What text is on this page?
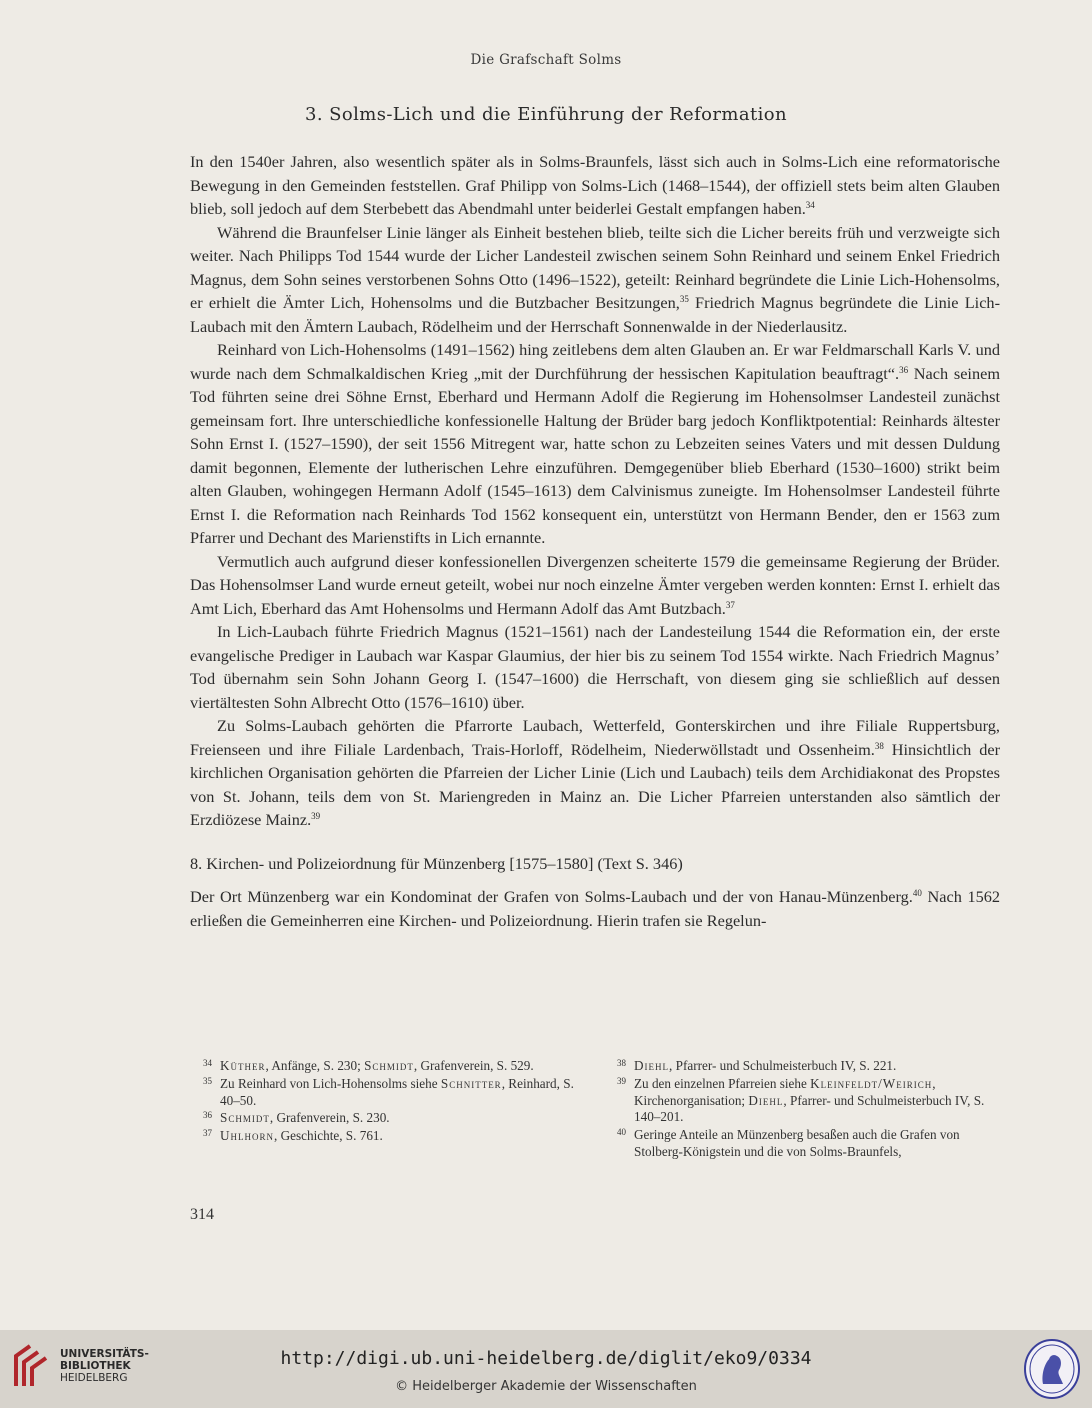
Die Grafschaft Solms
3. Solms-Lich und die Einführung der Reformation

In den 1540er Jahren, also wesentlich später als in Solms-Braunfels, lässt sich auch in Solms-Lich eine reformatorische Bewegung in den Gemeinden feststellen. Graf Philipp von Solms-Lich (1468–1544), der offiziell stets beim alten Glauben blieb, soll jedoch auf dem Sterbebett das Abendmahl unter beiderlei Gestalt empfangen haben.$^{34}$

Während die Braunfelser Linie länger als Einheit bestehen blieb, teilte sich die Licher bereits früh und verzweigte sich weiter. Nach Philipps Tod 1544 wurde der Licher Landesteil zwischen seinem Sohn Reinhard und seinem Enkel Friedrich Magnus, dem Sohn seines verstorbenen Sohns Otto (1496–1522), geteilt: Reinhard begründete die Linie Lich-Hohensolms, er erhielt die Ämter Lich, Hohensolms und die Butzbacher Besitzungen,$^{35}$ Friedrich Magnus begründete die Linie Lich-Laubach mit den Ämtern Laubach, Rödelheim und der Herrschaft Sonnenwalde in der Niederlausitz.

Reinhard von Lich-Hohensolms (1491–1562) hing zeitlebens dem alten Glauben an. Er war Feldmarschall Karls V. und wurde nach dem Schmalkaldischen Krieg „mit der Durchführung der hessischen Kapitulation beauftragt“.$^{36}$ Nach seinem Tod führten seine drei Söhne Ernst, Eberhard und Hermann Adolf die Regierung im Hohensolmser Landesteil zunächst gemeinsam fort. Ihre unterschiedliche konfessionelle Haltung der Brüder barg jedoch Konfliktpotential: Reinhards ältester Sohn Ernst I. (1527–1590), der seit 1556 Mitregent war, hatte schon zu Lebzeiten seines Vaters und mit dessen Duldung damit begonnen, Elemente der lutherischen Lehre einzuführen. Demgegenüber blieb Eberhard (1530–1600) strikt beim alten Glauben, wohingegen Hermann Adolf (1545–1613) dem Calvinismus zuneigte. Im Hohensolmser Landesteil führte Ernst I. die Reformation nach Reinhards Tod 1562 konsequent ein, unterstützt von Hermann Bender, den er 1563 zum Pfarrer und Dechant des Marienstifts in Lich ernannte.

Vermutlich auch aufgrund dieser konfessionellen Divergenzen scheiterte 1579 die gemeinsame Regierung der Brüder. Das Hohensolmser Land wurde erneut geteilt, wobei nur noch einzelne Ämter vergeben werden konnten: Ernst I. erhielt das Amt Lich, Eberhard das Amt Hohensolms und Hermann Adolf das Amt Butzbach.$^{37}$

In Lich-Laubach führte Friedrich Magnus (1521–1561) nach der Landesteilung 1544 die Reformation ein, der erste evangelische Prediger in Laubach war Kaspar Glaumius, der hier bis zu seinem Tod 1554 wirkte. Nach Friedrich Magnus’ Tod übernahm sein Sohn Johann Georg I. (1547–1600) die Herrschaft, von diesem ging sie schließlich auf dessen viertältesten Sohn Albrecht Otto (1576–1610) über.

Zu Solms-Laubach gehörten die Pfarrorte Laubach, Wetterfeld, Gonterskirchen und ihre Filiale Ruppertsburg, Freienseen und ihre Filiale Lardenbach, Trais-Horloff, Rödelheim, Niederwöllstadt und Ossenheim.$^{38}$ Hinsichtlich der kirchlichen Organisation gehörten die Pfarreien der Licher Linie (Lich und Laubach) teils dem Archidiakonat des Propstes von St. Johann, teils dem von St. Mariengreden in Mainz an. Die Licher Pfarreien unterstanden also sämtlich der Erzdiözese Mainz.$^{39}$

8. Kirchen- und Polizeiordnung für Münzenberg [1575–1580] (Text S. 346)

Der Ort Münzenberg war ein Kondominat der Grafen von Solms-Laubach und der von Hanau-Münzenberg.$^{40}$ Nach 1562 erließen die Gemeinherren eine Kirchen- und Polizeiordnung. Hierin trafen sie Regelun-

34 Küther, Anfänge, S. 230; Schmidt, Grafenverein, S. 529.
35 Zu Reinhard von Lich-Hohensolms siehe Schnitter, Reinhard, S. 40–50.
36 Schmidt, Grafenverein, S. 230.
37 Uhlhorn, Geschichte, S. 761.
38 Diehl, Pfarrer- und Schulmeisterbuch IV, S. 221.
39 Zu den einzelnen Pfarreien siehe Kleinfeldt/Weirich, Kirchenorganisation; Diehl, Pfarrer- und Schulmeisterbuch IV, S. 140–201.
40 Geringe Anteile an Münzenberg besaßen auch die Grafen von Stolberg-Königstein und die von Solms-Braunfels,
314
UNIVERSITÄTS-
BIBLIOTHEK
HEIDELBERG
http://digi.ub.uni-heidelberg.de/diglit/eko9/0334
© Heidelberger Akademie der Wissenschaften
